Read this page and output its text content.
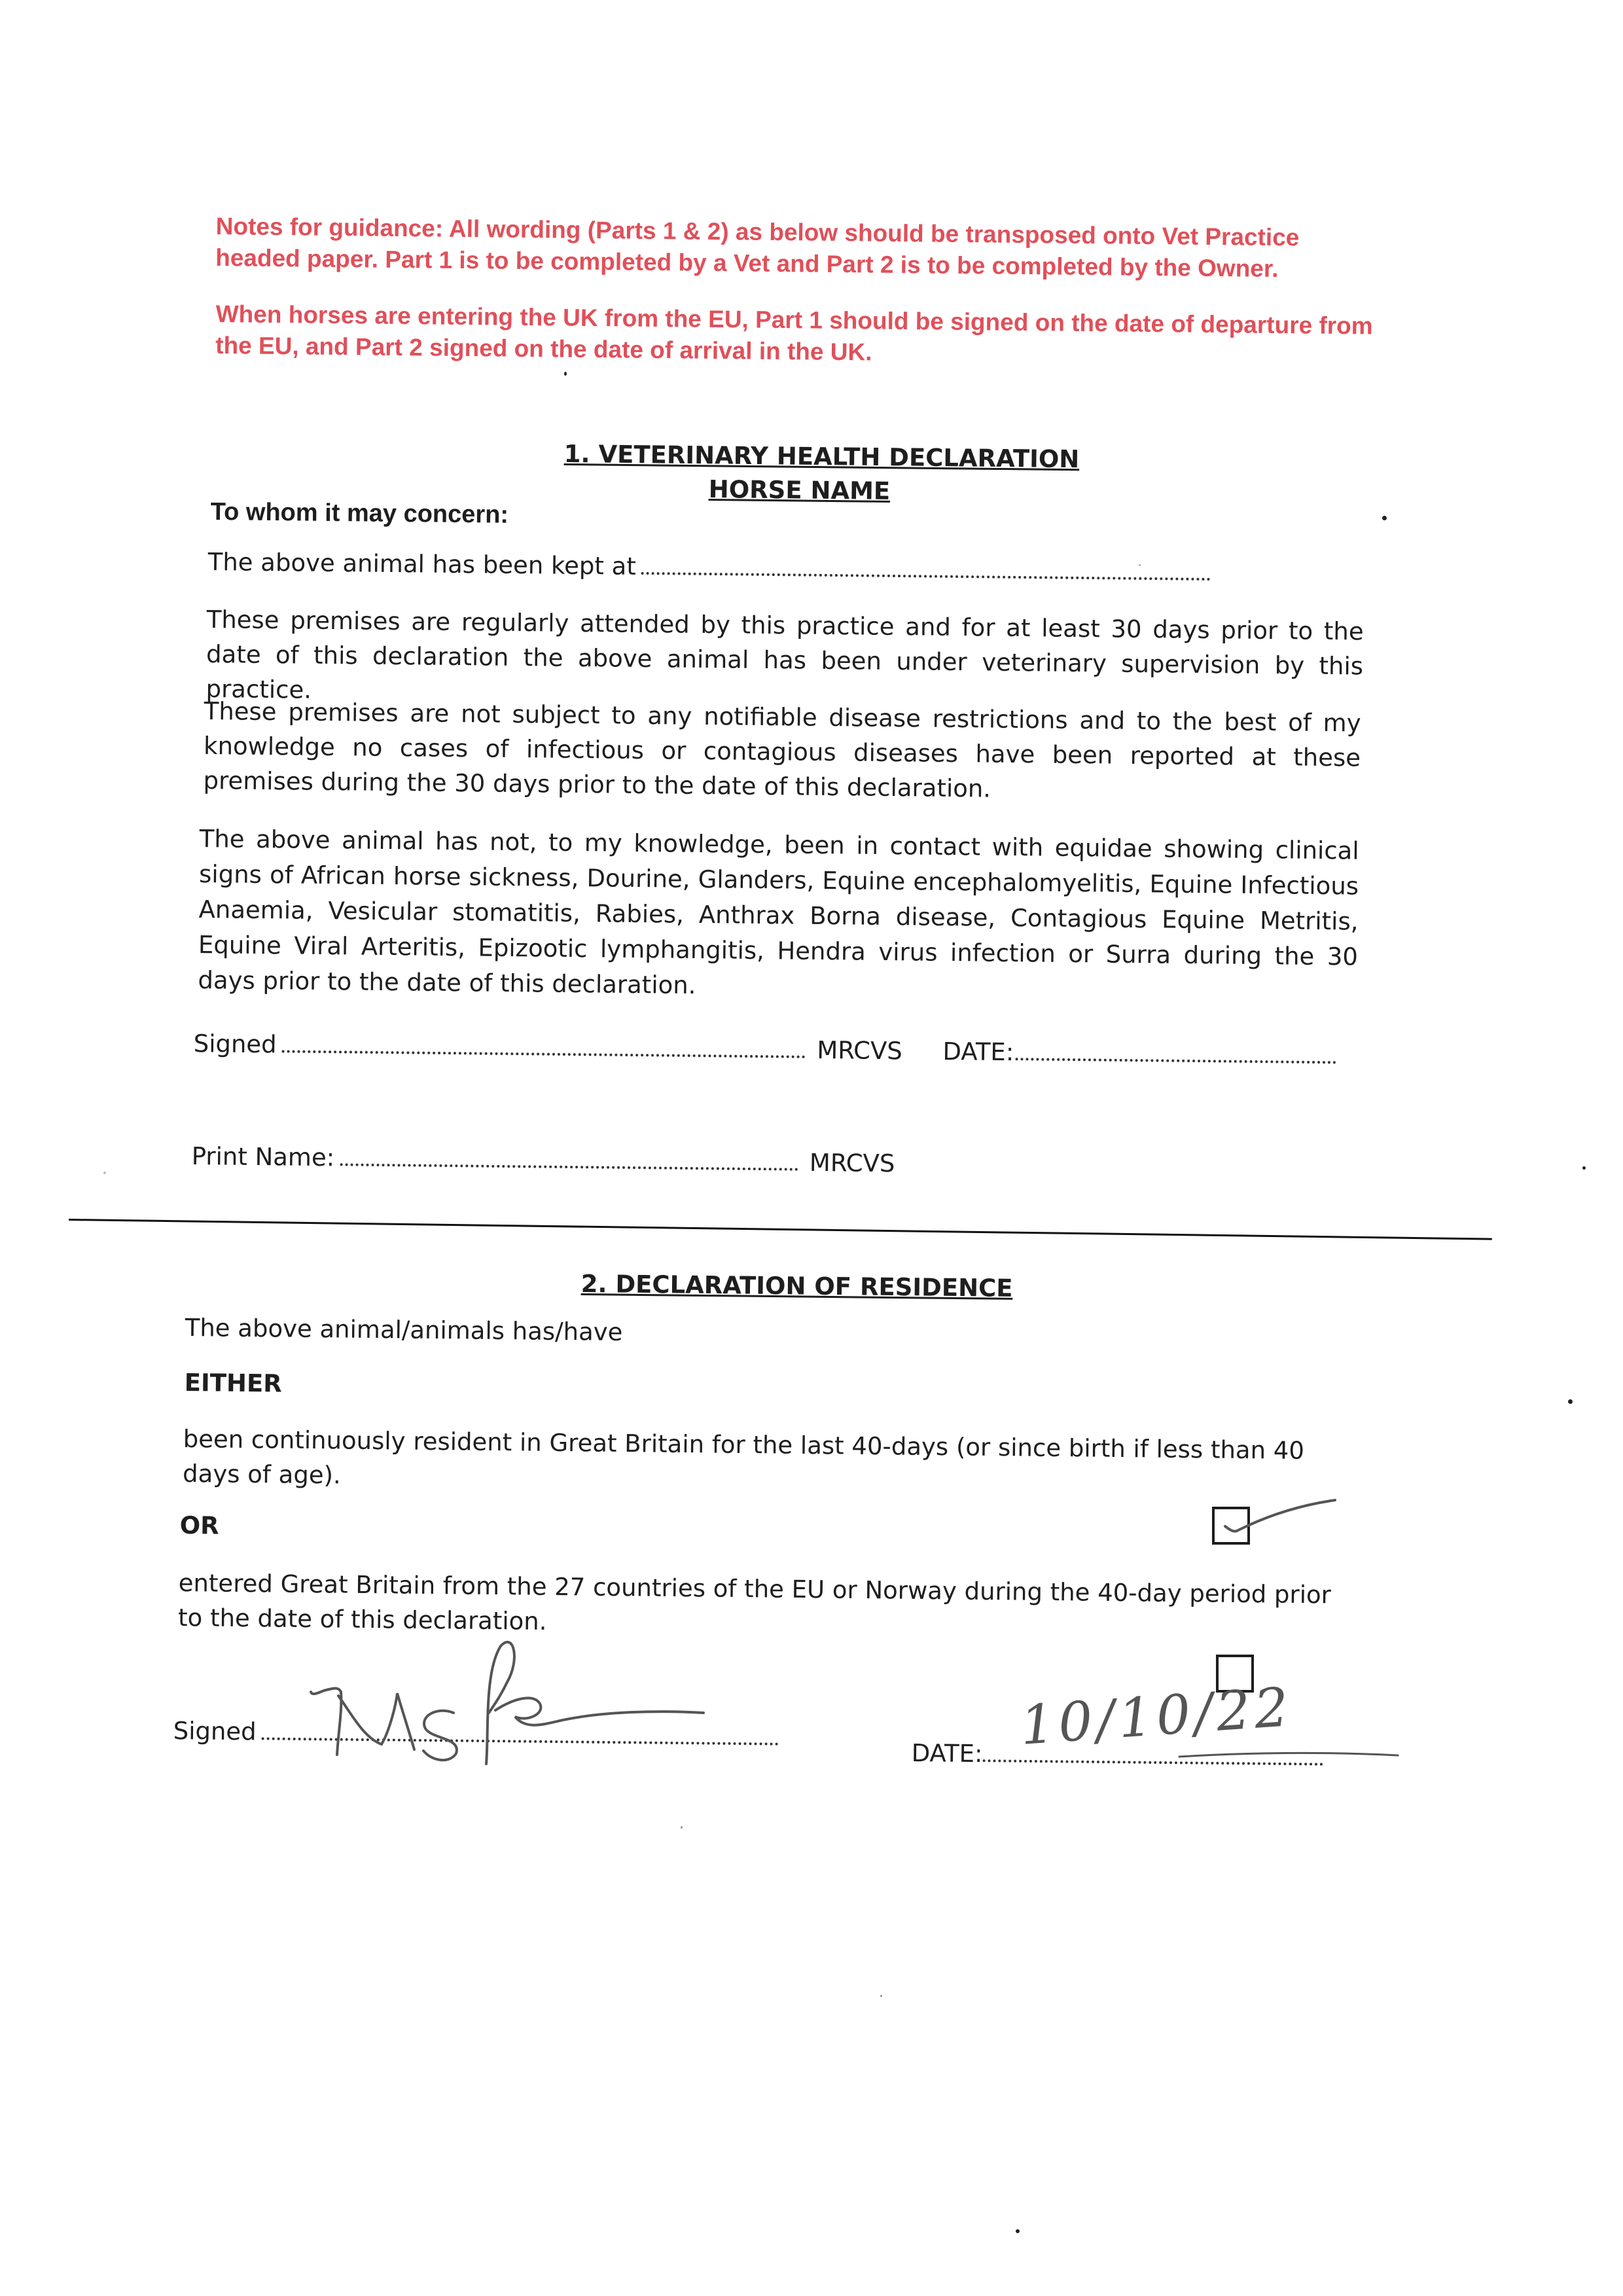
Notes for guidance: All wording (Parts 1 & 2) as below should be transposed onto Vet Practice headed paper. Part 1 is to be completed by a Vet and Part 2 is to be completed by the Owner.

When horses are entering the UK from the EU, Part 1 should be signed on the date of departure from the EU, and Part 2 signed on the date of arrival in the UK.

1. VETERINARY HEALTH DECLARATION
HORSE NAME
To whom it may concern:
The above animal has been kept at
These premises are regularly attended by this practice and for at least 30 days prior to the date of this declaration the above animal has been under veterinary supervision by this practice.
These premises are not subject to any notifiable disease restrictions and to the best of my knowledge no cases of infectious or contagious diseases have been reported at these premises during the 30 days prior to the date of this declaration.
The above animal has not, to my knowledge, been in contact with equidae showing clinical signs of African horse sickness, Dourine, Glanders, Equine encephalomyelitis, Equine Infectious Anaemia, Vesicular stomatitis, Rabies, Anthrax Borna disease, Contagious Equine Metritis, Equine Viral Arteritis, Epizootic lymphangitis, Hendra virus infection or Surra during the 30 days prior to the date of this declaration.
Signed	MRCVS DATE:
Print Name:	MRCVS
2. DECLARATION OF RESIDENCE
The above animal/animals has/have
EITHER
been continuously resident in Great Britain for the last 40-days (or since birth if less than 40 days of age).
OR
entered Great Britain from the 27 countries of the EU or Norway during the 40-day period prior to the date of this declaration.
Signed
DATE: 10/10/22
